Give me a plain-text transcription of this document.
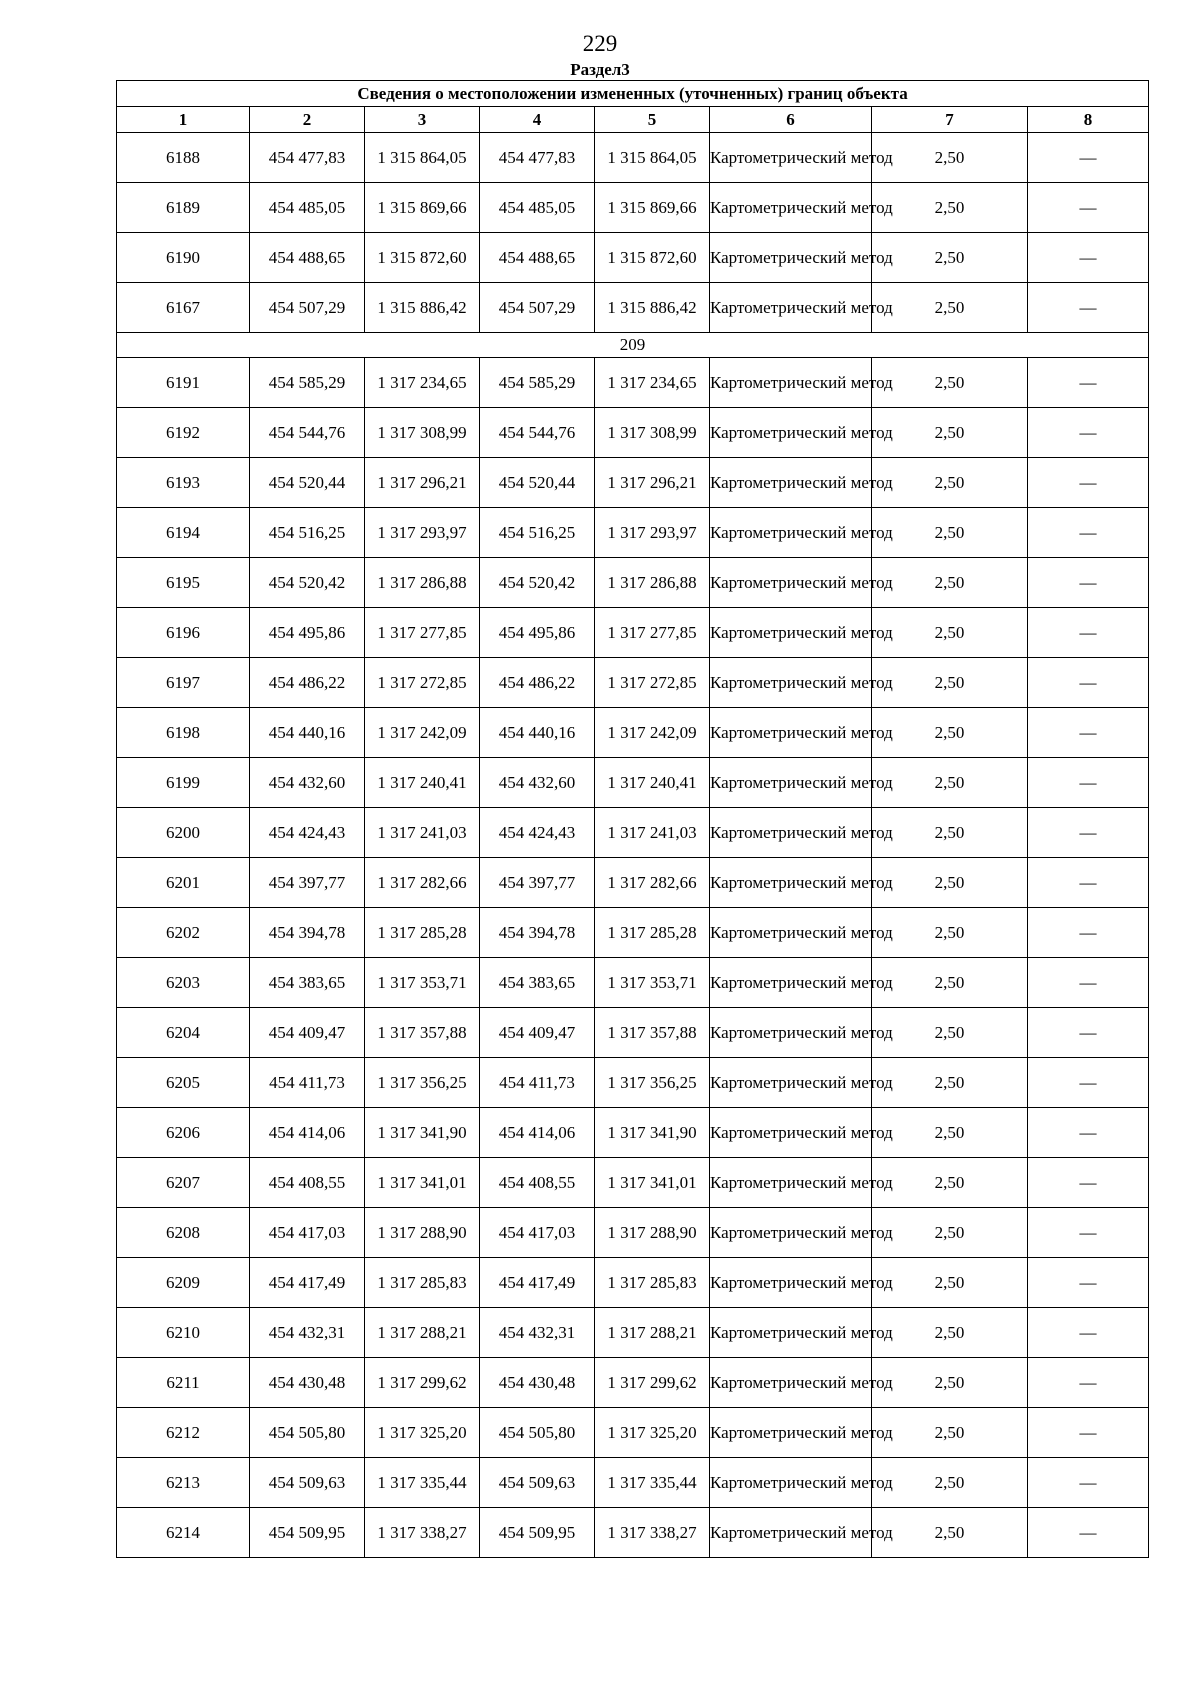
229
Раздел3
Сведения о местоположении измененных (уточненных) границ объекта							
1	2	3	4	5	6	7	8
6188	454 477,83	1 315 864,05	454 477,83	1 315 864,05	Картометрический метод	2,50	—
6189	454 485,05	1 315 869,66	454 485,05	1 315 869,66	Картометрический метод	2,50	—
6190	454 488,65	1 315 872,60	454 488,65	1 315 872,60	Картометрический метод	2,50	—
6167	454 507,29	1 315 886,42	454 507,29	1 315 886,42	Картометрический метод	2,50	—
209							
6191	454 585,29	1 317 234,65	454 585,29	1 317 234,65	Картометрический метод	2,50	—
6192	454 544,76	1 317 308,99	454 544,76	1 317 308,99	Картометрический метод	2,50	—
6193	454 520,44	1 317 296,21	454 520,44	1 317 296,21	Картометрический метод	2,50	—
6194	454 516,25	1 317 293,97	454 516,25	1 317 293,97	Картометрический метод	2,50	—
6195	454 520,42	1 317 286,88	454 520,42	1 317 286,88	Картометрический метод	2,50	—
6196	454 495,86	1 317 277,85	454 495,86	1 317 277,85	Картометрический метод	2,50	—
6197	454 486,22	1 317 272,85	454 486,22	1 317 272,85	Картометрический метод	2,50	—
6198	454 440,16	1 317 242,09	454 440,16	1 317 242,09	Картометрический метод	2,50	—
6199	454 432,60	1 317 240,41	454 432,60	1 317 240,41	Картометрический метод	2,50	—
6200	454 424,43	1 317 241,03	454 424,43	1 317 241,03	Картометрический метод	2,50	—
6201	454 397,77	1 317 282,66	454 397,77	1 317 282,66	Картометрический метод	2,50	—
6202	454 394,78	1 317 285,28	454 394,78	1 317 285,28	Картометрический метод	2,50	—
6203	454 383,65	1 317 353,71	454 383,65	1 317 353,71	Картометрический метод	2,50	—
6204	454 409,47	1 317 357,88	454 409,47	1 317 357,88	Картометрический метод	2,50	—
6205	454 411,73	1 317 356,25	454 411,73	1 317 356,25	Картометрический метод	2,50	—
6206	454 414,06	1 317 341,90	454 414,06	1 317 341,90	Картометрический метод	2,50	—
6207	454 408,55	1 317 341,01	454 408,55	1 317 341,01	Картометрический метод	2,50	—
6208	454 417,03	1 317 288,90	454 417,03	1 317 288,90	Картометрический метод	2,50	—
6209	454 417,49	1 317 285,83	454 417,49	1 317 285,83	Картометрический метод	2,50	—
6210	454 432,31	1 317 288,21	454 432,31	1 317 288,21	Картометрический метод	2,50	—
6211	454 430,48	1 317 299,62	454 430,48	1 317 299,62	Картометрический метод	2,50	—
6212	454 505,80	1 317 325,20	454 505,80	1 317 325,20	Картометрический метод	2,50	—
6213	454 509,63	1 317 335,44	454 509,63	1 317 335,44	Картометрический метод	2,50	—
6214	454 509,95	1 317 338,27	454 509,95	1 317 338,27	Картометрический метод	2,50	—
